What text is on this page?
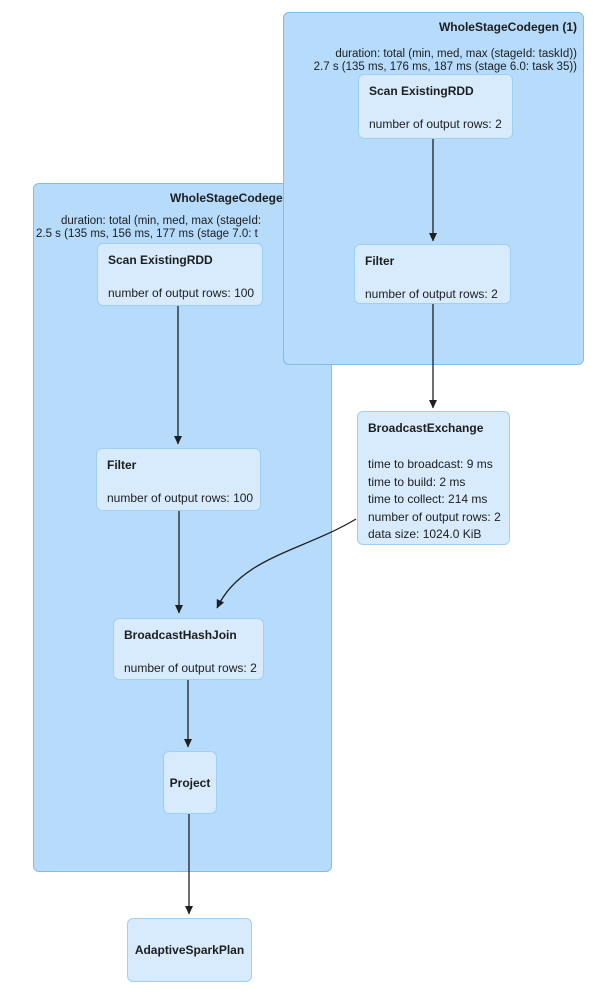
WholeStageCodege
duration: total (min, med, max (stageId:
2.5 s (135 ms, 156 ms, 177 ms (stage 7.0: t
Scan ExistingRDD
number of output rows: 100
Filter
number of output rows: 100
BroadcastHashJoin
number of output rows: 2
Project
WholeStageCodegen (1)
duration: total (min, med, max (stageId: taskId))
2.7 s (135 ms, 176 ms, 187 ms (stage 6.0: task 35))
Scan ExistingRDD
number of output rows: 2
Filter
number of output rows: 2
BroadcastExchange
time to broadcast: 9 ms
time to build: 2 ms
time to collect: 214 ms
number of output rows: 2
data size: 1024.0 KiB
AdaptiveSparkPlan
